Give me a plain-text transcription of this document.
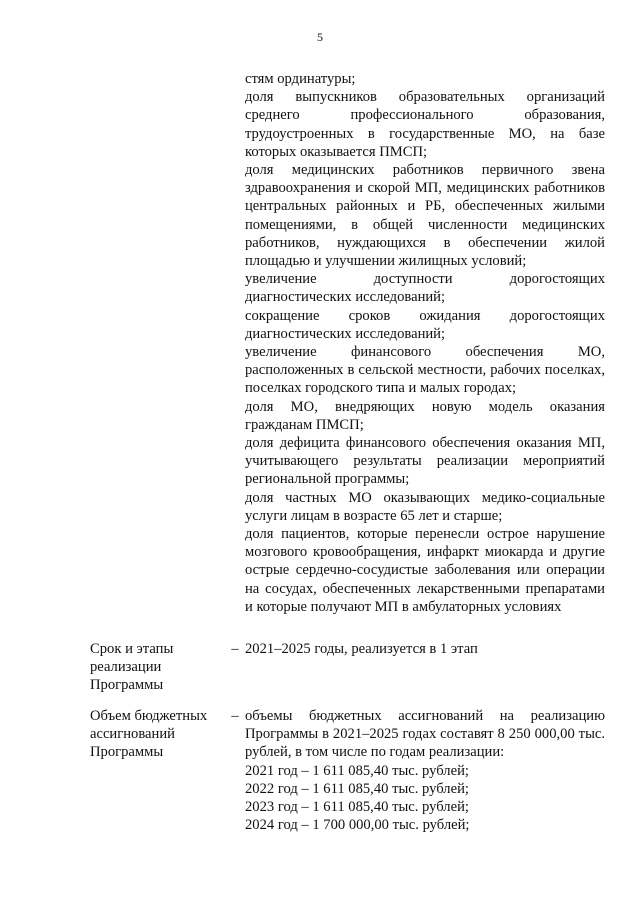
5

стям ординатуры;

доля выпускников образовательных организаций среднего профессионального образования, трудоустроенных в государственные МО, на базе которых оказывается ПМСП;

доля медицинских работников первичного звена здравоохранения и скорой МП, медицинских работников центральных районных и РБ, обеспеченных жилыми помещениями, в общей численности медицинских работников, нуждающихся в обеспечении жилой площадью и улучшении жилищных условий;

увеличение доступности дорогостоящих диагностических исследований;

сокращение сроков ожидания дорогостоящих диагностических исследований;

увеличение финансового обеспечения МО, расположенных в сельской местности, рабочих поселках, поселках городского типа и малых городах;

доля МО, внедряющих новую модель оказания гражданам ПМСП;

доля дефицита финансового обеспечения оказания МП, учитывающего результаты реализации мероприятий региональной программы;

доля частных МО оказывающих медико-социальные услуги лицам в возрасте 65 лет и старше;

доля пациентов, которые перенесли острое нарушение мозгового кровообращения, инфаркт миокарда и другие острые сердечно-сосудистые заболевания или операции на сосудах, обеспеченных лекарственными препаратами и которые получают МП в амбулаторных условиях

Срок и этапы реализации Программы
– 2021–2025 годы, реализуется в 1 этап
Объем бюджетных ассигнований Программы
– объемы бюджетных ассигнований на реализацию Программы в 2021–2025 годах составят 8 250 000,00 тыс. рублей, в том числе по годам реализации:

2021 год – 1 611 085,40 тыс. рублей;

2022 год – 1 611 085,40 тыс. рублей;

2023 год – 1 611 085,40 тыс. рублей;

2024 год – 1 700 000,00 тыс. рублей;
